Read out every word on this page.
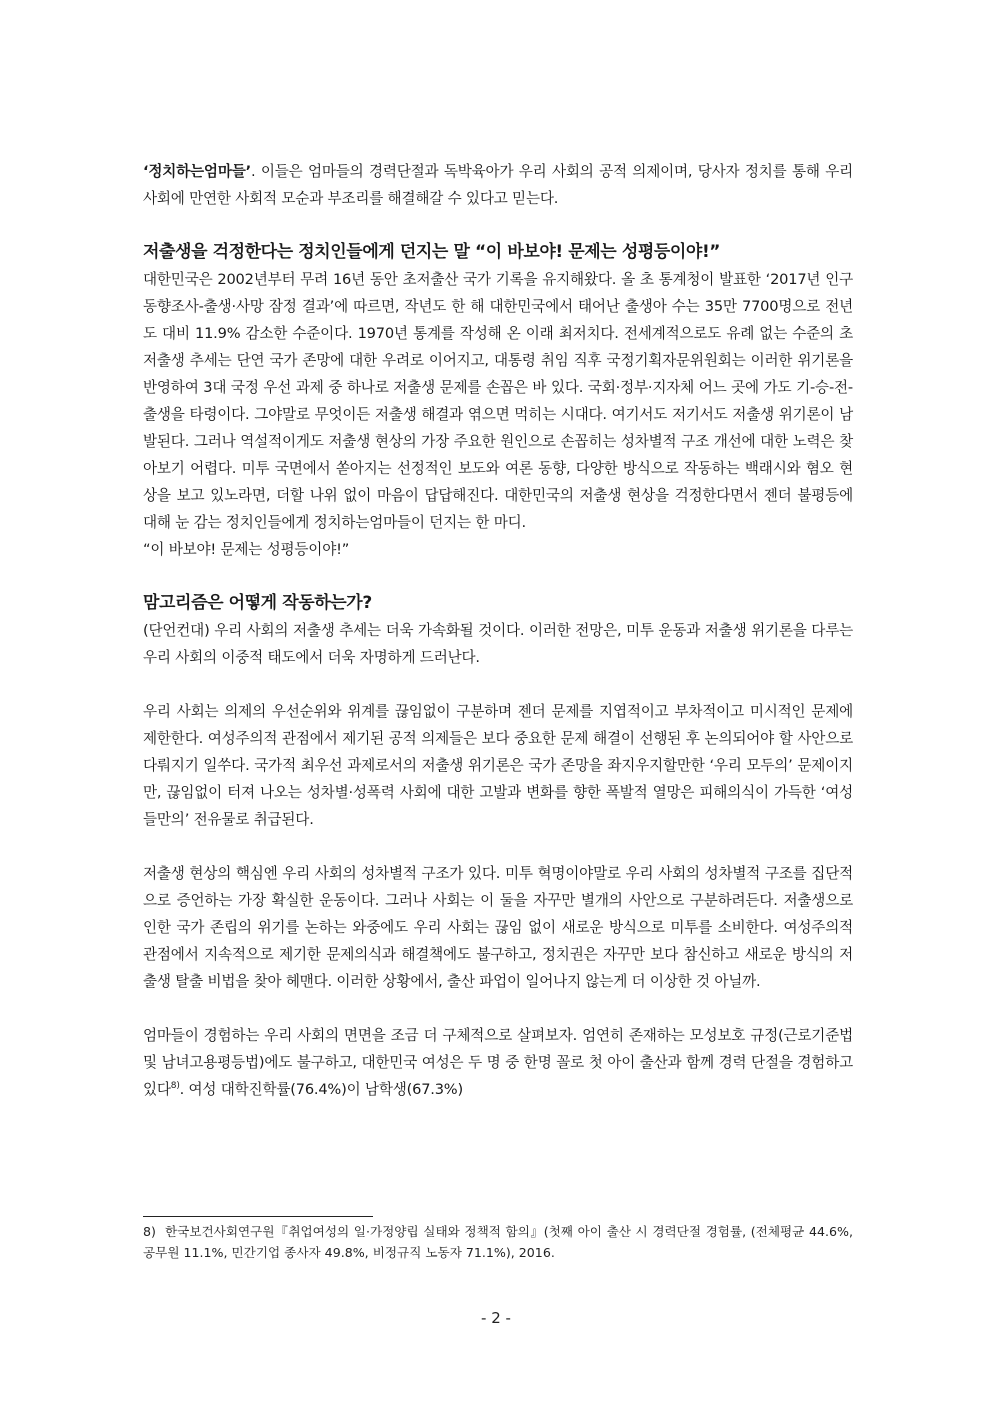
‘정치하는엄마들’. 이들은 엄마들의 경력단절과 독박육아가 우리 사회의 공적 의제이며, 당사자 정치를 통해 우리 사회에 만연한 사회적 모순과 부조리를 해결해갈 수 있다고 믿는다.

저출생을 걱정한다는 정치인들에게 던지는 말 “이 바보야! 문제는 성평등이야!”

대한민국은 2002년부터 무려 16년 동안 초저출산 국가 기록을 유지해왔다. 올 초 통계청이 발표한 ‘2017년 인구 동향조사-출생·사망 잠정 결과’에 따르면, 작년도 한 해 대한민국에서 태어난 출생아 수는 35만 7700명으로 전년도 대비 11.9% 감소한 수준이다. 1970년 통계를 작성해 온 이래 최저치다. 전세계적으로도 유례 없는 수준의 초저출생 추세는 단연 국가 존망에 대한 우려로 이어지고, 대통령 취임 직후 국정기획자문위원회는 이러한 위기론을 반영하여 3대 국정 우선 과제 중 하나로 저출생 문제를 손꼽은 바 있다. 국회·정부·지자체 어느 곳에 가도 기-승-전-출생을 타령이다. 그야말로 무엇이든 저출생 해결과 엮으면 먹히는 시대다. 여기서도 저기서도 저출생 위기론이 남발된다. 그러나 역설적이게도 저출생 현상의 가장 주요한 원인으로 손꼽히는 성차별적 구조 개선에 대한 노력은 찾아보기 어렵다. 미투 국면에서 쏟아지는 선정적인 보도와 여론 동향, 다양한 방식으로 작동하는 백래시와 혐오 현상을 보고 있노라면, 더할 나위 없이 마음이 답답해진다. 대한민국의 저출생 현상을 걱정한다면서 젠더 불평등에 대해 눈 감는 정치인들에게 정치하는엄마들이 던지는 한 마디.

“이 바보야! 문제는 성평등이야!”

맘고리즘은 어떻게 작동하는가?

(단언컨대) 우리 사회의 저출생 추세는 더욱 가속화될 것이다. 이러한 전망은, 미투 운동과 저출생 위기론을 다루는 우리 사회의 이중적 태도에서 더욱 자명하게 드러난다.

우리 사회는 의제의 우선순위와 위계를 끊임없이 구분하며 젠더 문제를 지엽적이고 부차적이고 미시적인 문제에 제한한다. 여성주의적 관점에서 제기된 공적 의제들은 보다 중요한 문제 해결이 선행된 후 논의되어야 할 사안으로 다뤄지기 일쑤다. 국가적 최우선 과제로서의 저출생 위기론은 국가 존망을 좌지우지할만한 ‘우리 모두의’ 문제이지만, 끊임없이 터져 나오는 성차별·성폭력 사회에 대한 고발과 변화를 향한 폭발적 열망은 피해의식이 가득한 ‘여성들만의’ 전유물로 취급된다.

저출생 현상의 핵심엔 우리 사회의 성차별적 구조가 있다. 미투 혁명이야말로 우리 사회의 성차별적 구조를 집단적으로 증언하는 가장 확실한 운동이다. 그러나 사회는 이 둘을 자꾸만 별개의 사안으로 구분하려든다. 저출생으로 인한 국가 존립의 위기를 논하는 와중에도 우리 사회는 끊임 없이 새로운 방식으로 미투를 소비한다. 여성주의적 관점에서 지속적으로 제기한 문제의식과 해결책에도 불구하고, 정치권은 자꾸만 보다 참신하고 새로운 방식의 저출생 탈출 비법을 찾아 헤맨다. 이러한 상황에서, 출산 파업이 일어나지 않는게 더 이상한 것 아닐까.

엄마들이 경험하는 우리 사회의 면면을 조금 더 구체적으로 살펴보자. 엄연히 존재하는 모성보호 규정(근로기준법 및 남녀고용평등법)에도 불구하고, 대한민국 여성은 두 명 중 한명 꼴로 첫 아이 출산과 함께 경력 단절을 경험하고 있다$^{8)}$. 여성 대학진학률(76.4%)이 남학생(67.3%)

8) 한국보건사회연구원『취업여성의 일·가정양립 실태와 정책적 함의』(첫째 아이 출산 시 경력단절 경험률, (전체평균 44.6%, 공무원 11.1%, 민간기업 종사자 49.8%, 비정규직 노동자 71.1%), 2016.
- 2 -
